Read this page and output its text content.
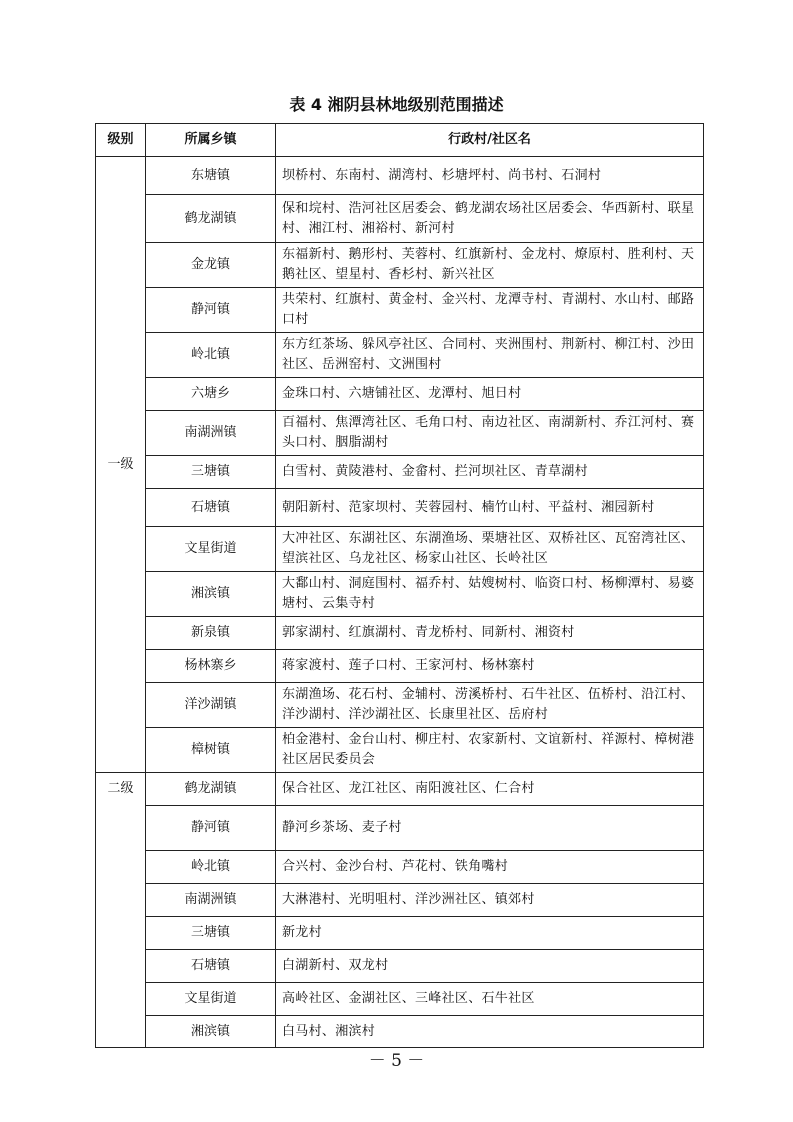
表 4 湘阴县林地级别范围描述
级别	所属乡镇	行政村/社区名
一级	东塘镇	坝桥村、东南村、湖湾村、杉塘坪村、尚书村、石洞村
	鹤龙湖镇	保和垸村、浩河社区居委会、鹤龙湖农场社区居委会、华西新村、联星村、湘江村、湘裕村、新河村
	金龙镇	东福新村、鹅形村、芙蓉村、红旗新村、金龙村、燎原村、胜利村、天鹅社区、望星村、香杉村、新兴社区
	静河镇	共荣村、红旗村、黄金村、金兴村、龙潭寺村、青湖村、水山村、邮路口村
	岭北镇	东方红茶场、躲风亭社区、合同村、夹洲围村、荆新村、柳江村、沙田社区、岳洲窑村、文洲围村
	六塘乡	金珠口村、六塘铺社区、龙潭村、旭日村
	南湖洲镇	百福村、焦潭湾社区、毛角口村、南边社区、南湖新村、乔江河村、赛头口村、胭脂湖村
	三塘镇	白雪村、黄陵港村、金畲村、拦河坝社区、青草湖村
	石塘镇	朝阳新村、范家坝村、芙蓉园村、楠竹山村、平益村、湘园新村
	文星街道	大冲社区、东湖社区、东湖渔场、栗塘社区、双桥社区、瓦窑湾社区、望滨社区、乌龙社区、杨家山社区、长岭社区
	湘滨镇	大鄱山村、洞庭围村、福乔村、姑嫂树村、临资口村、杨柳潭村、易婆塘村、云集寺村
	新泉镇	郭家湖村、红旗湖村、青龙桥村、同新村、湘资村
	杨林寨乡	蒋家渡村、莲子口村、王家河村、杨林寨村
	洋沙湖镇	东湖渔场、花石村、金辅村、涝溪桥村、石牛社区、伍桥村、沿江村、洋沙湖村、洋沙湖社区、长康里社区、岳府村
	樟树镇	柏金港村、金台山村、柳庄村、农家新村、文谊新村、祥源村、樟树港社区居民委员会
二级	鹤龙湖镇	保合社区、龙江社区、南阳渡社区、仁合村
	静河镇	静河乡茶场、麦子村
	岭北镇	合兴村、金沙台村、芦花村、铁角嘴村
	南湖洲镇	大淋港村、光明咀村、洋沙洲社区、镇郊村
	三塘镇	新龙村
	石塘镇	白湖新村、双龙村
	文星街道	高岭社区、金湖社区、三峰社区、石牛社区
	湘滨镇	白马村、湘滨村
－ 5 －
